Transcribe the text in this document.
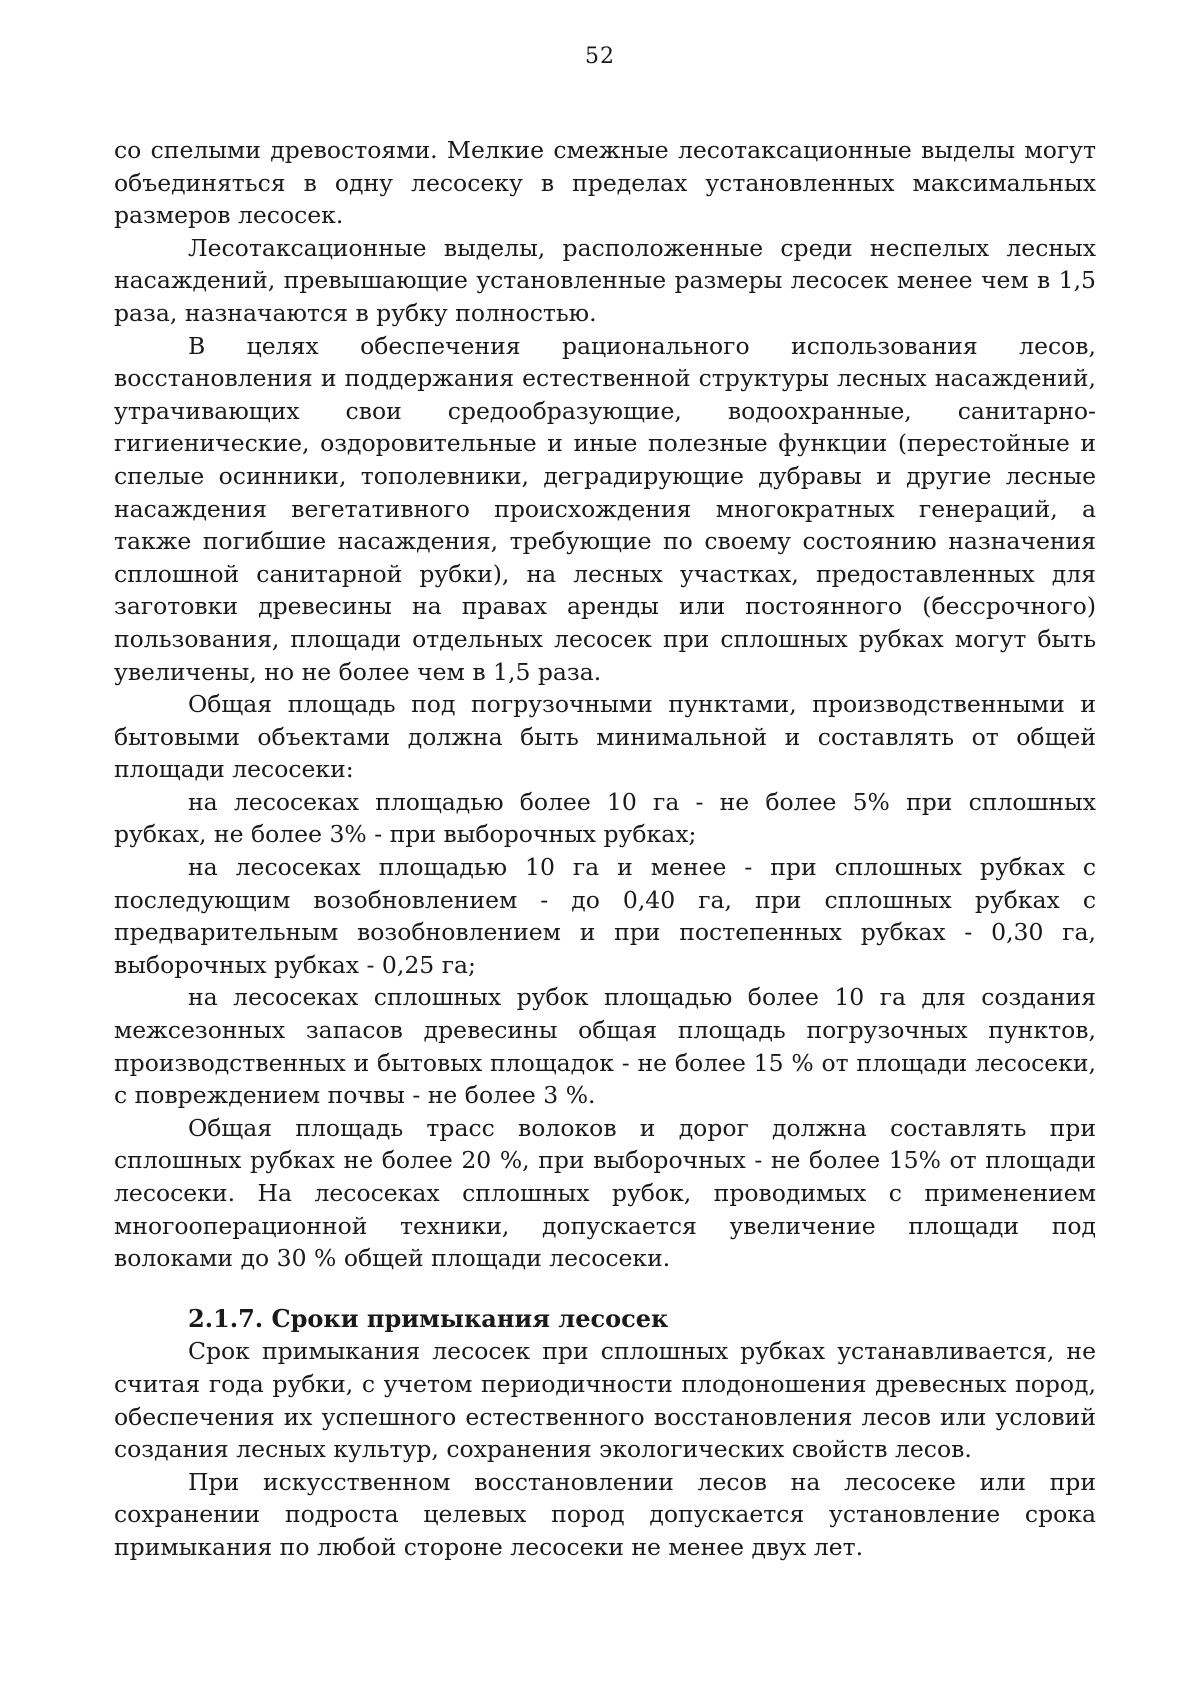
52

со спелыми древостоями. Мелкие смежные лесотаксационные выделы могут объединяться в одну лесосеку в пределах установленных максимальных размеров лесосек.

Лесотаксационные выделы, расположенные среди неспелых лесных насаждений, превышающие установленные размеры лесосек менее чем в 1,5 раза, назначаются в рубку полностью.

В целях обеспечения рационального использования лесов, восстановления и поддержания естественной структуры лесных насаждений, утрачивающих свои средообразующие, водоохранные, санитарно-гигиенические, оздоровительные и иные полезные функции (перестойные и спелые осинники, тополевники, деградирующие дубравы и другие лесные насаждения вегетативного происхождения многократных генераций, а также погибшие насаждения, требующие по своему состоянию назначения сплошной санитарной рубки), на лесных участках, предоставленных для заготовки древесины на правах аренды или постоянного (бессрочного) пользования, площади отдельных лесосек при сплошных рубках могут быть увеличены, но не более чем в 1,5 раза.

Общая площадь под погрузочными пунктами, производственными и бытовыми объектами должна быть минимальной и составлять от общей площади лесосеки:

на лесосеках площадью более 10 га - не более 5% при сплошных рубках, не более 3% - при выборочных рубках;

на лесосеках площадью 10 га и менее - при сплошных рубках с последующим возобновлением - до 0,40 га, при сплошных рубках с предварительным возобновлением и при постепенных рубках - 0,30 га, выборочных рубках - 0,25 га;

на лесосеках сплошных рубок площадью более 10 га для создания межсезонных запасов древесины общая площадь погрузочных пунктов, производственных и бытовых площадок - не более 15 % от площади лесосеки, с повреждением почвы - не более 3 %.

Общая площадь трасс волоков и дорог должна составлять при сплошных рубках не более 20 %, при выборочных - не более 15% от площади лесосеки. На лесосеках сплошных рубок, проводимых с применением многооперационной техники, допускается увеличение площади под волоками до 30 % общей площади лесосеки.

2.1.7. Сроки примыкания лесосек

Срок примыкания лесосек при сплошных рубках устанавливается, не считая года рубки, с учетом периодичности плодоношения древесных пород, обеспечения их успешного естественного восстановления лесов или условий создания лесных культур, сохранения экологических свойств лесов.

При искусственном восстановлении лесов на лесосеке или при сохранении подроста целевых пород допускается установление срока примыкания по любой стороне лесосеки не менее двух лет.
